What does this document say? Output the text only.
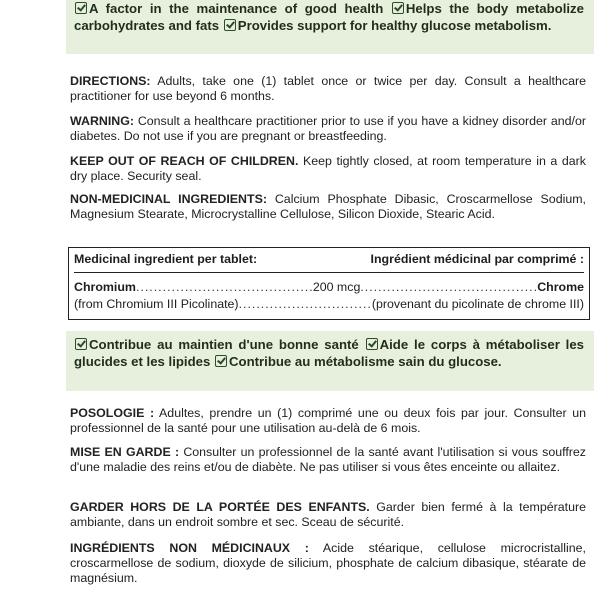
A factor in the maintenance of good health Helps the body metabolize carbohydrates and fats Provides support for healthy glucose metabolism.
DIRECTIONS: Adults, take one (1) tablet once or twice per day. Consult a healthcare practitioner for use beyond 6 months.
WARNING: Consult a healthcare practitioner prior to use if you have a kidney disorder and/or diabetes. Do not use if you are pregnant or breastfeeding.
KEEP OUT OF REACH OF CHILDREN. Keep tightly closed, at room temperature in a dark dry place. Security seal.
NON-MEDICINAL INGREDIENTS: Calcium Phosphate Dibasic, Croscarmellose Sodium, Magnesium Stearate, Microcrystalline Cellulose, Silicon Dioxide, Stearic Acid.
Medicinal ingredient per tablet:	Ingrédient médicinal par comprimé :
Chromium .....	200 mcg .....	Chrome
(from Chromium III Picolinate) .....	(provenant du picolinate de chrome III)
Contribue au maintien d'une bonne santé Aide le corps à métaboliser les glucides et les lipides Contribue au métabolisme sain du glucose.
POSOLOGIE : Adultes, prendre un (1) comprimé une ou deux fois par jour. Consulter un professionnel de la santé pour une utilisation au-delà de 6 mois.
MISE EN GARDE : Consulter un professionnel de la santé avant l'utilisation si vous souffrez d'une maladie des reins et/ou de diabète. Ne pas utiliser si vous êtes enceinte ou allaitez.
GARDER HORS DE LA PORTÉE DES ENFANTS. Garder bien fermé à la température ambiante, dans un endroit sombre et sec. Sceau de sécurité.
INGRÉDIENTS NON MÉDICINAUX : Acide stéarique, cellulose microcristalline, croscarmellose de sodium, dioxyde de silicium, phosphate de calcium dibasique, stéarate de magnésium.
